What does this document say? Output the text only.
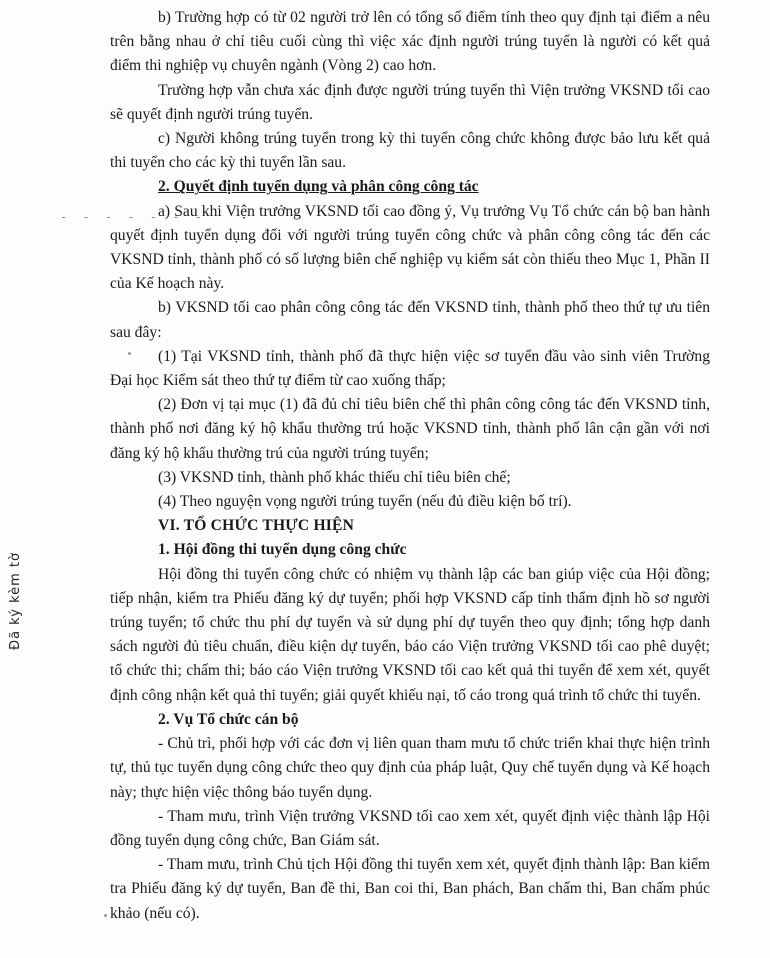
- - - - - - -
Đã ký kèm tờ

b) Trường hợp có từ 02 người trở lên có tổng số điểm tính theo quy định tại điểm a nêu trên bằng nhau ở chỉ tiêu cuối cùng thì việc xác định người trúng tuyển là người có kết quả điểm thi nghiệp vụ chuyên ngành (Vòng 2) cao hơn.

Trường hợp vẫn chưa xác định được người trúng tuyển thì Viện trưởng VKSND tối cao sẽ quyết định người trúng tuyển.

c) Người không trúng tuyển trong kỳ thi tuyển công chức không được bảo lưu kết quả thi tuyển cho các kỳ thi tuyển lần sau.

2. Quyết định tuyển dụng và phân công công tác

a) Sau khi Viện trưởng VKSND tối cao đồng ý, Vụ trưởng Vụ Tổ chức cán bộ ban hành quyết định tuyển dụng đối với người trúng tuyển công chức và phân công công tác đến các VKSND tỉnh, thành phố có số lượng biên chế nghiệp vụ kiểm sát còn thiếu theo Mục 1, Phần II của Kế hoạch này.

b) VKSND tối cao phân công công tác đến VKSND tỉnh, thành phố theo thứ tự ưu tiên sau đây:

(1) Tại VKSND tỉnh, thành phố đã thực hiện việc sơ tuyển đầu vào sinh viên Trường Đại học Kiểm sát theo thứ tự điểm từ cao xuống thấp;

(2) Đơn vị tại mục (1) đã đủ chỉ tiêu biên chế thì phân công công tác đến VKSND tỉnh, thành phố nơi đăng ký hộ khẩu thường trú hoặc VKSND tỉnh, thành phố lân cận gần với nơi đăng ký hộ khẩu thường trú của người trúng tuyển;

(3) VKSND tỉnh, thành phố khác thiếu chỉ tiêu biên chế;

(4) Theo nguyện vọng người trúng tuyển (nếu đủ điều kiện bố trí).

VI. TỔ CHỨC THỰC HIỆN

1. Hội đồng thi tuyển dụng công chức

Hội đồng thi tuyển công chức có nhiệm vụ thành lập các ban giúp việc của Hội đồng; tiếp nhận, kiểm tra Phiếu đăng ký dự tuyển; phối hợp VKSND cấp tỉnh thẩm định hồ sơ người trúng tuyển; tổ chức thu phí dự tuyển và sử dụng phí dự tuyển theo quy định; tổng hợp danh sách người đủ tiêu chuẩn, điều kiện dự tuyển, báo cáo Viện trưởng VKSND tối cao phê duyệt; tổ chức thi; chấm thi; báo cáo Viện trưởng VKSND tối cao kết quả thi tuyển để xem xét, quyết định công nhận kết quả thi tuyển; giải quyết khiếu nại, tố cáo trong quá trình tổ chức thi tuyển.

2. Vụ Tổ chức cán bộ

- Chủ trì, phối hợp với các đơn vị liên quan tham mưu tổ chức triển khai thực hiện trình tự, thủ tục tuyển dụng công chức theo quy định của pháp luật, Quy chế tuyển dụng và Kế hoạch này; thực hiện việc thông báo tuyển dụng.

- Tham mưu, trình Viện trưởng VKSND tối cao xem xét, quyết định việc thành lập Hội đồng tuyển dụng công chức, Ban Giám sát.

- Tham mưu, trình Chủ tịch Hội đồng thi tuyển xem xét, quyết định thành lập: Ban kiểm tra Phiếu đăng ký dự tuyển, Ban đề thi, Ban coi thi, Ban phách, Ban chấm thi, Ban chấm phúc khảo (nếu có).
